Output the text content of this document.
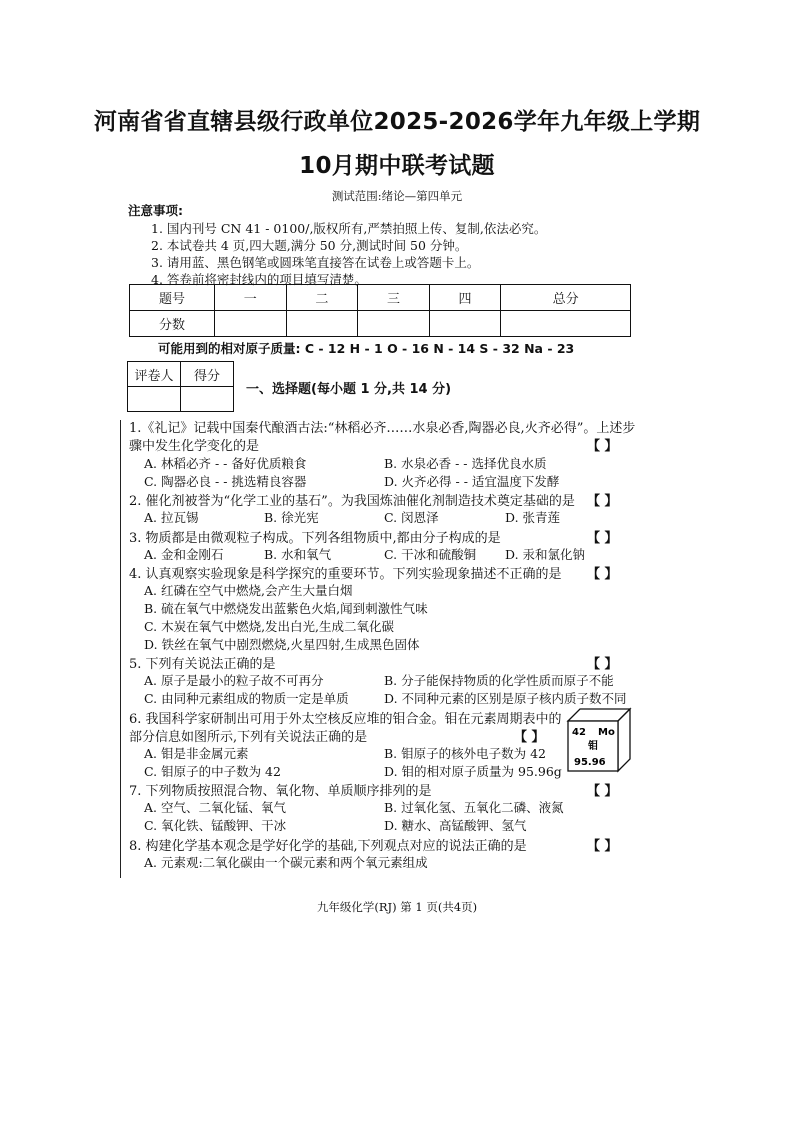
河南省省直辖县级行政单位2025-2026学年九年级上学期
10月期中联考试题
测试范围:绪论—第四单元
注意事项:
1. 国内刊号 CN 41 - 0100/,版权所有,严禁拍照上传、复制,依法必究。
2. 本试卷共 4 页,四大题,满分 50 分,测试时间 50 分钟。
3. 请用蓝、黑色钢笔或圆珠笔直接答在试卷上或答题卡上。
4. 答卷前将密封线内的项目填写清楚。
题号	一	二	三	四	总分
分数					
可能用到的相对原子质量: C - 12 H - 1 O - 16 N - 14 S - 32 Na - 23
评卷人	得分

一、选择题(每小题 1 分,共 14 分)
1.《礼记》记载中国秦代酿酒古法:“林稻必齐……水泉必香,陶器必良,火齐必得”。上述步
骤中发生化学变化的是	【 】
A. 林稻必齐 - - 备好优质粮食	B. 水泉必香 - - 选择优良水质
C. 陶器必良 - - 挑选精良容器	D. 火齐必得 - - 适宜温度下发酵
2. 催化剂被誉为“化学工业的基石”。为我国炼油催化剂制造技术奠定基础的是 【 】
A. 拉瓦锡	B. 徐光宪	C. 闵恩泽	D. 张青莲
3. 物质都是由微观粒子构成。下列各组物质中,都由分子构成的是	【 】
A. 金和金刚石	B. 水和氧气	C. 干冰和硫酸铜 D. 汞和氯化钠
4. 认真观察实验现象是科学探究的重要环节。下列实验现象描述不正确的是 【 】
A. 红磷在空气中燃烧,会产生大量白烟
B. 硫在氧气中燃烧发出蓝紫色火焰,闻到刺激性气味
C. 木炭在氧气中燃烧,发出白光,生成二氧化碳
D. 铁丝在氧气中剧烈燃烧,火星四射,生成黑色固体
5. 下列有关说法正确的是	【 】
A. 原子是最小的粒子故不可再分	B. 分子能保持物质的化学性质而原子不能
C. 由同种元素组成的物质一定是单质	D. 不同种元素的区别是原子核内质子数不同
6. 我国科学家研制出可用于外太空核反应堆的钼合金。钼在元素周期表中的
部分信息如图所示,下列有关说法正确的是	【 】
A. 钼是非金属元素	B. 钼原子的核外电子数为 42
C. 钼原子的中子数为 42	D. 钼的相对原子质量为 95.96g
42 Mo
钼
95.96
7. 下列物质按照混合物、氧化物、单质顺序排列的是	【 】
A. 空气、二氧化锰、氧气	B. 过氧化氢、五氧化二磷、液氮
C. 氧化铁、锰酸钾、干冰	D. 糖水、高锰酸钾、氢气
8. 构建化学基本观念是学好化学的基础,下列观点对应的说法正确的是	【 】
A. 元素观:二氧化碳由一个碳元素和两个氧元素组成
九年级化学(RJ) 第 1 页(共4页)
